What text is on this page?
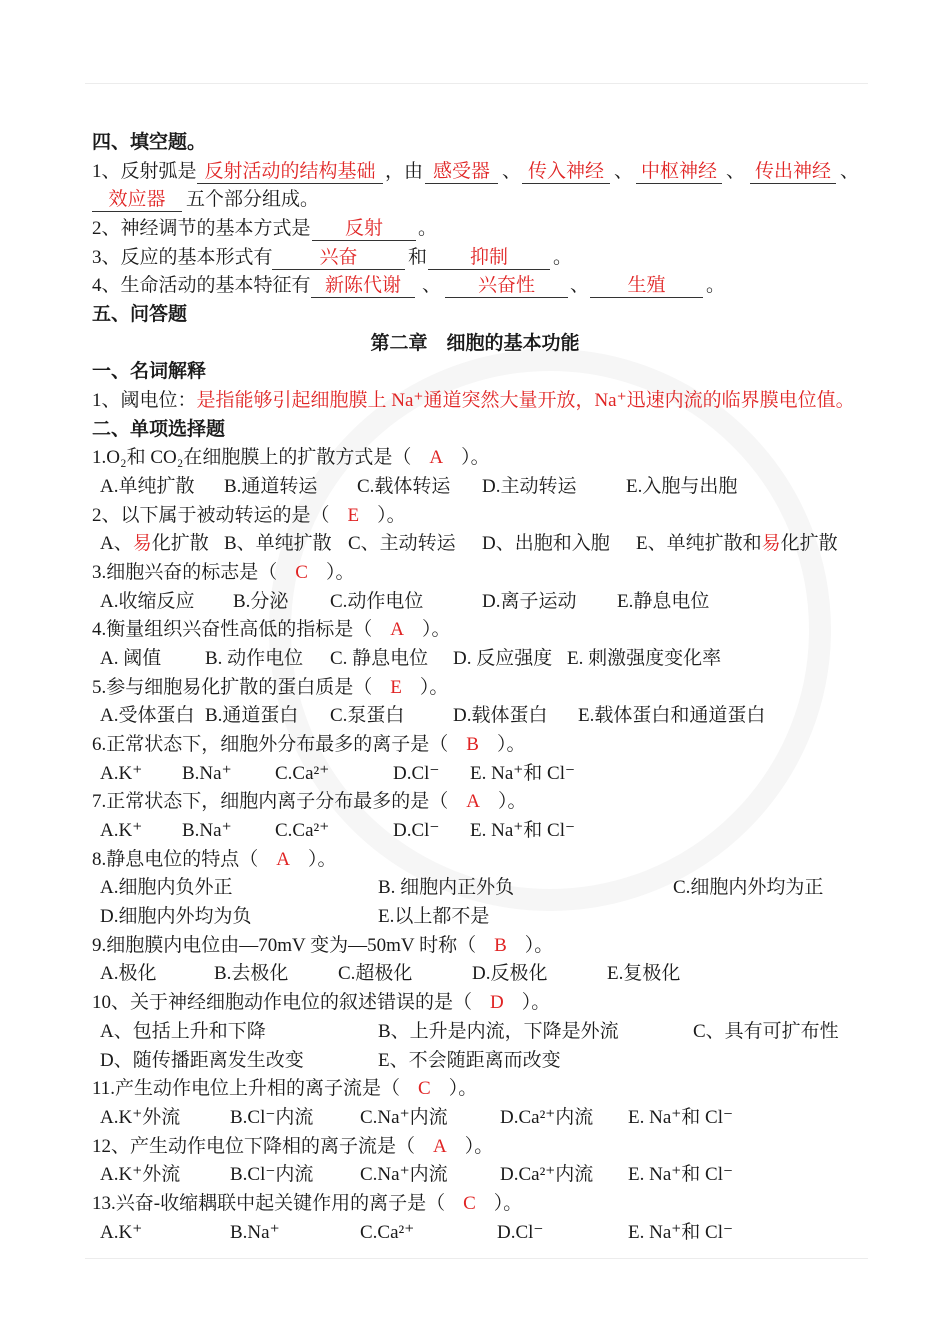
四、填空题。
1、反射弧是 反射活动的结构基础 ，由 感受器 、 传入神经 、 中枢神经 、 传出神经 、
效应器	五个部分组成。
2、神经调节的基本方式是	反射	。
3、反应的基本形式有	兴奋	和	抑制	。
4、生命活动的基本特征有 新陈代谢	、	兴奋性	、	生殖	。
五、问答题
第二章　细胞的基本功能
一、名词解释
1、阈电位：是指能够引起细胞膜上 Na⁺通道突然大量开放，Na⁺迅速内流的临界膜电位值。
二、单项选择题
1.O₂和 CO₂在细胞膜上的扩散方式是（ A ）。
A.单纯扩散 B.通道转运 C.载体转运 D.主动转运	E.入胞与出胞
2、以下属于被动转运的是（ E ）。
A、易化扩散 B、单纯扩散 C、主动转运 D、出胞和入胞 E、单纯扩散和易化扩散
3.细胞兴奋的标志是（ C ）。
A.收缩反应 B.分泌 C.动作电位	D.离子运动 E.静息电位
4.衡量组织兴奋性高低的指标是（ A ）。
A. 阈值 B. 动作电位 C. 静息电位 D. 反应强度 E. 刺激强度变化率
5.参与细胞易化扩散的蛋白质是（ E ）。
A.受体蛋白 B.通道蛋白 C.泵蛋白	D.载体蛋白 E.载体蛋白和通道蛋白
6.正常状态下，细胞外分布最多的离子是（ B ）。
A.K⁺ B.Na⁺ C.Ca²⁺	D.Cl⁻ E. Na⁺和 Cl⁻
7.正常状态下，细胞内离子分布最多的是（ A ）。
A.K⁺ B.Na⁺ C.Ca²⁺	D.Cl⁻ E. Na⁺和 Cl⁻
8.静息电位的特点（ A ）。
A.细胞内负外正	B. 细胞内正外负	C.细胞内外均为正
D.细胞内外均为负	E.以上都不是
9.细胞膜内电位由—70mV 变为—50mV 时称（ B ）。
A.极化	B.去极化	C.超极化	D.反极化	E.复极化
10、关于神经细胞动作电位的叙述错误的是（ D ）。
A、包括上升和下降	B、上升是内流，下降是外流	C、具有可扩布性
D、随传播距离发生改变	E、不会随距离而改变
11.产生动作电位上升相的离子流是（ C ）。
A.K⁺外流	B.Cl⁻内流 C.Na⁺内流	D.Ca²⁺内流 E. Na⁺和 Cl⁻
12、产生动作电位下降相的离子流是（ A ）。
A.K⁺外流	B.Cl⁻内流 C.Na⁺内流	D.Ca²⁺内流 E. Na⁺和 Cl⁻
13.兴奋-收缩耦联中起关键作用的离子是（ C ）。
A.K⁺	B.Na⁺	C.Ca²⁺	D.Cl⁻	E. Na⁺和 Cl⁻
